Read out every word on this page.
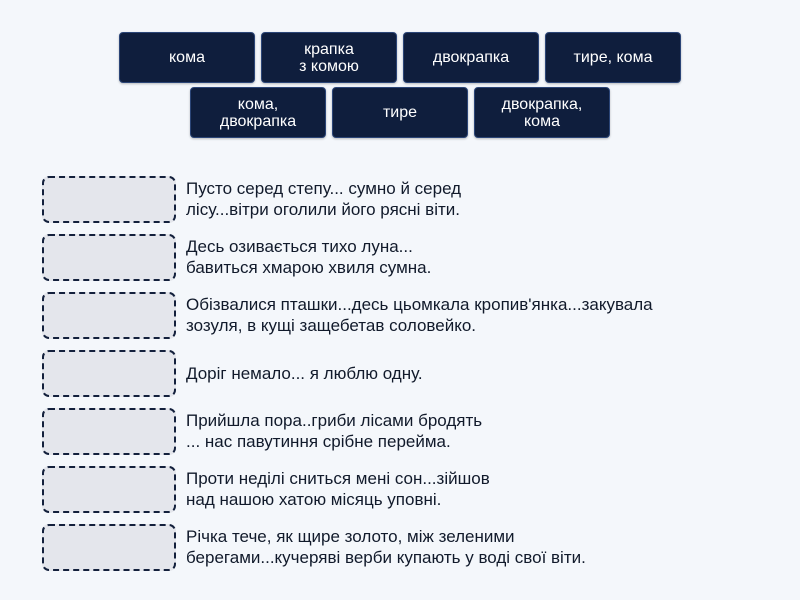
кома	крапка
з комою	двокрапка	тире, кома
кома,
двокрапка	тире	двокрапка,
кома
Пусто серед степу... сумно й серед
лісу...вітри оголили його рясні віти.
Десь озивається тихо луна...
бавиться хмарою хвиля сумна.
Обізвалися пташки...десь цьомкала кропив'янка...закувала
зозуля, в кущі защебетав соловейко.
Доріг немало... я люблю одну.
Прийшла пора..гриби лісами бродять
... нас павутиння срібне перейма.
Проти неділі сниться мені сон...зійшов
над нашою хатою місяць уповні.
Річка тече, як щире золото, між зеленими
берегами...кучеряві верби купають у воді свої віти.
